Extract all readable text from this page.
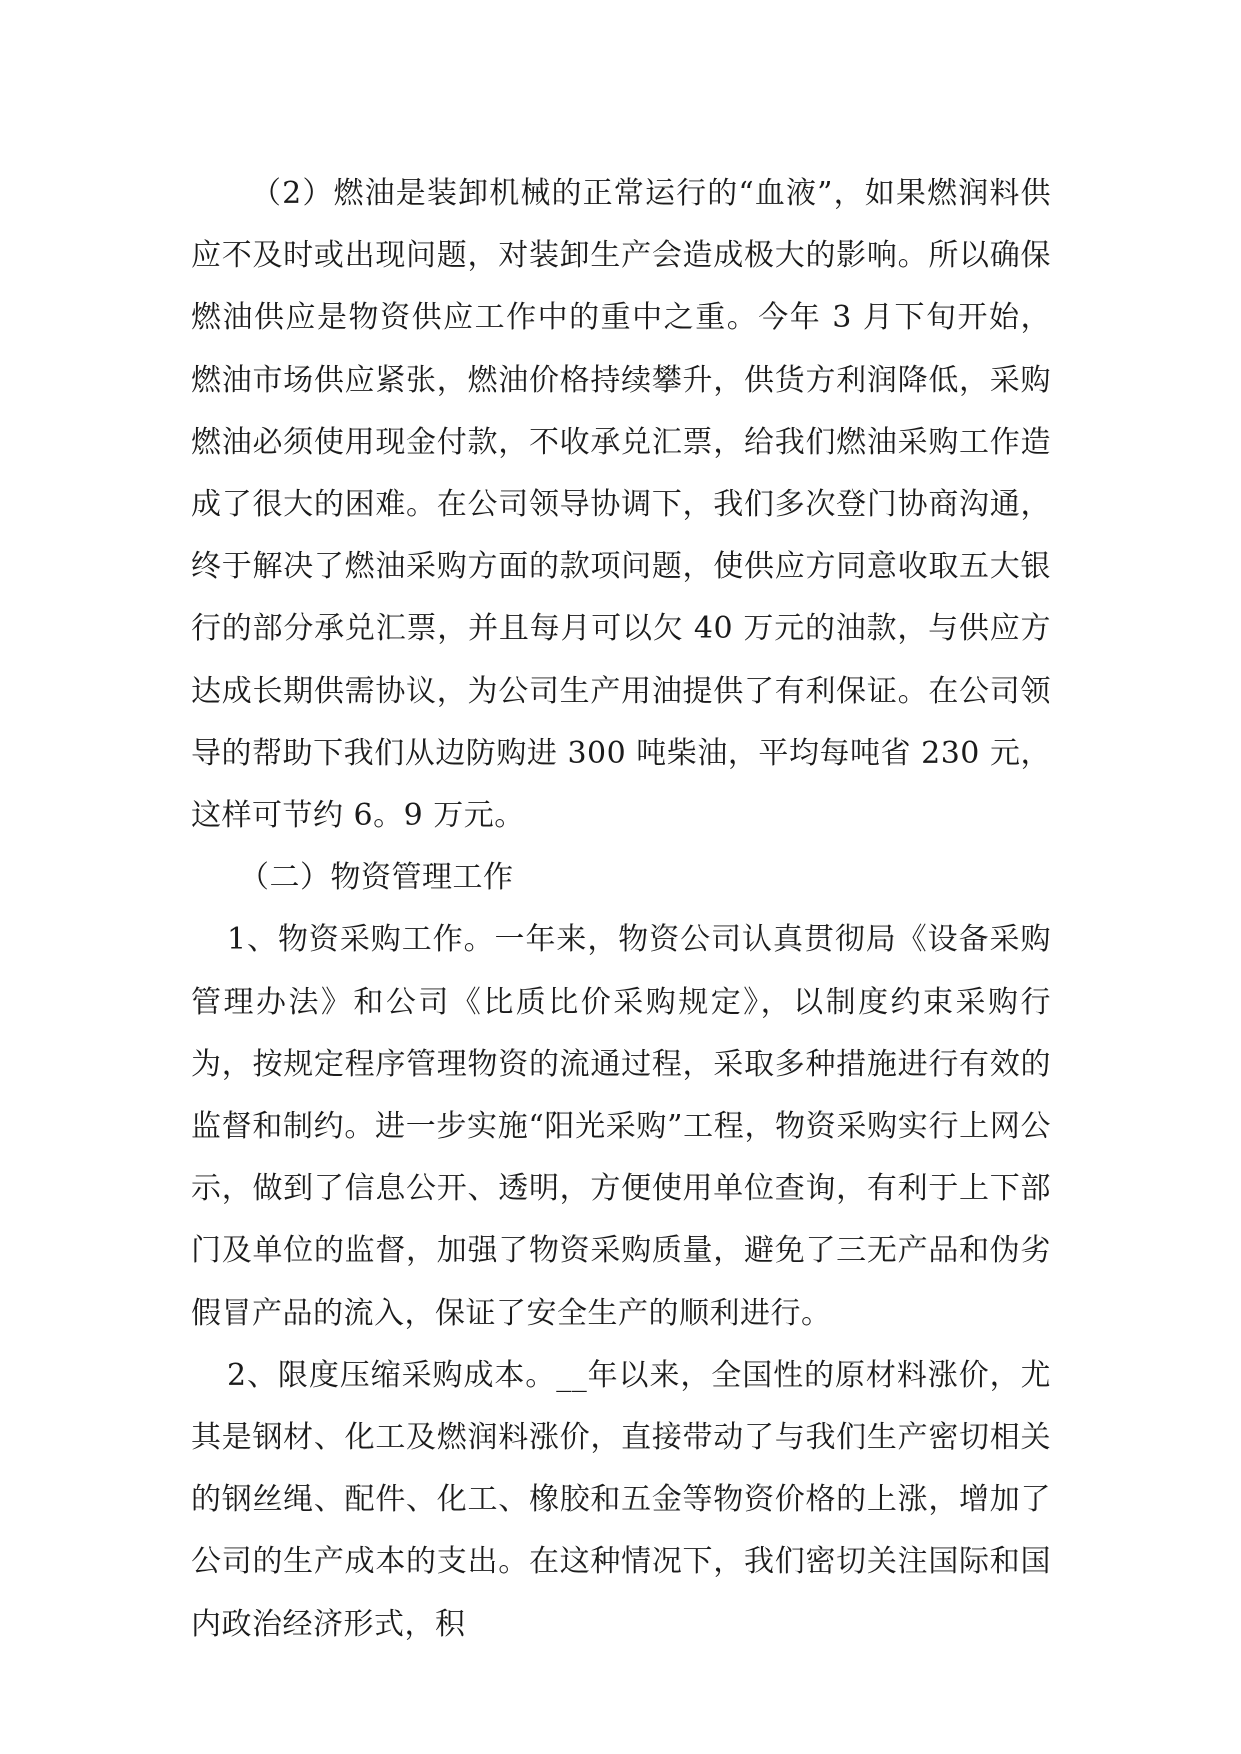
（2）燃油是装卸机械的正常运行的“血液”，如果燃润料供应不及时或出现问题，对装卸生产会造成极大的影响。所以确保燃油供应是物资供应工作中的重中之重。今年 3 月下旬开始，燃油市场供应紧张，燃油价格持续攀升，供货方利润降低，采购燃油必须使用现金付款，不收承兑汇票，给我们燃油采购工作造成了很大的困难。在公司领导协调下，我们多次登门协商沟通，终于解决了燃油采购方面的款项问题，使供应方同意收取五大银行的部分承兑汇票，并且每月可以欠 40 万元的油款，与供应方达成长期供需协议，为公司生产用油提供了有利保证。在公司领导的帮助下我们从边防购进 300 吨柴油，平均每吨省 230 元，这样可节约 6。9 万元。

（二）物资管理工作

1、物资采购工作。一年来，物资公司认真贯彻局《设备采购管理办法》和公司《比质比价采购规定》，以制度约束采购行为，按规定程序管理物资的流通过程，采取多种措施进行有效的监督和制约。进一步实施“阳光采购”工程，物资采购实行上网公示，做到了信息公开、透明，方便使用单位查询，有利于上下部门及单位的监督，加强了物资采购质量，避免了三无产品和伪劣假冒产品的流入，保证了安全生产的顺利进行。

2、限度压缩采购成本。__年以来，全国性的原材料涨价，尤其是钢材、化工及燃润料涨价，直接带动了与我们生产密切相关的钢丝绳、配件、化工、橡胶和五金等物资价格的上涨，增加了公司的生产成本的支出。在这种情况下，我们密切关注国际和国内政治经济形式，积
